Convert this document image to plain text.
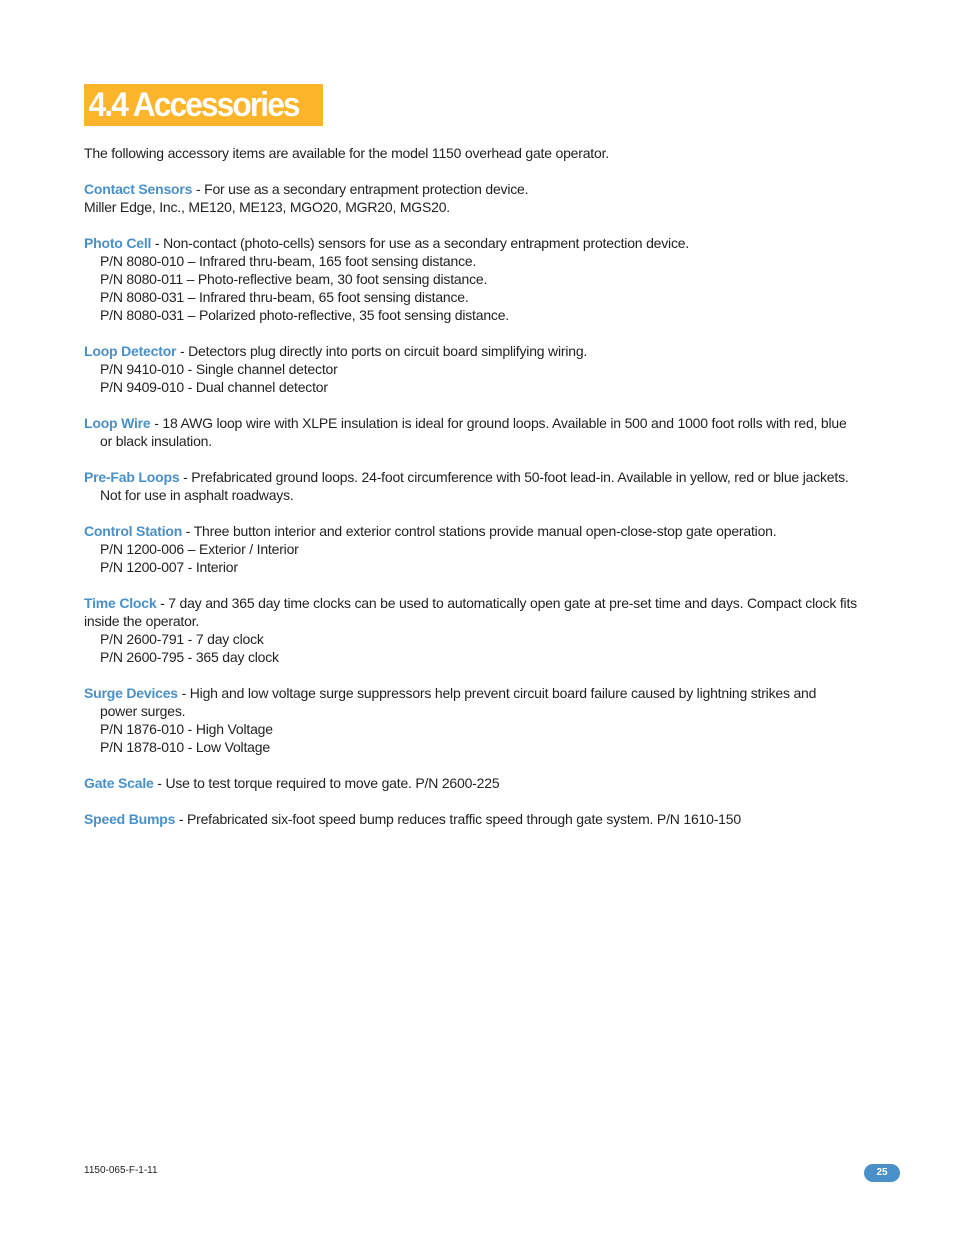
4.4 Accessories

The following accessory items are available for the model 1150 overhead gate operator.

Contact Sensors - For use as a secondary entrapment protection device.

Miller Edge, Inc., ME120, ME123, MGO20, MGR20, MGS20.

Photo Cell - Non-contact (photo-cells) sensors for use as a secondary entrapment protection device.

P/N 8080-010 – Infrared thru-beam, 165 foot sensing distance.

P/N 8080-011 – Photo-reflective beam, 30 foot sensing distance.

P/N 8080-031 – Infrared thru-beam, 65 foot sensing distance.

P/N 8080-031 – Polarized photo-reflective, 35 foot sensing distance.

Loop Detector - Detectors plug directly into ports on circuit board simplifying wiring.

P/N 9410-010 - Single channel detector

P/N 9409-010 - Dual channel detector

Loop Wire - 18 AWG loop wire with XLPE insulation is ideal for ground loops. Available in 500 and 1000 foot rolls with red, blue

or black insulation.

Pre-Fab Loops - Prefabricated ground loops. 24-foot circumference with 50-foot lead-in. Available in yellow, red or blue jackets.

Not for use in asphalt roadways.

Control Station - Three button interior and exterior control stations provide manual open-close-stop gate operation.

P/N 1200-006 – Exterior / Interior

P/N 1200-007 - Interior

Time Clock - 7 day and 365 day time clocks can be used to automatically open gate at pre-set time and days. Compact clock fits

inside the operator.

P/N 2600-791 - 7 day clock

P/N 2600-795 - 365 day clock

Surge Devices - High and low voltage surge suppressors help prevent circuit board failure caused by lightning strikes and

power surges.

P/N 1876-010 - High Voltage

P/N 1878-010 - Low Voltage

Gate Scale - Use to test torque required to move gate. P/N 2600-225

Speed Bumps - Prefabricated six-foot speed bump reduces traffic speed through gate system. P/N 1610-150

1150-065-F-1-11	25
